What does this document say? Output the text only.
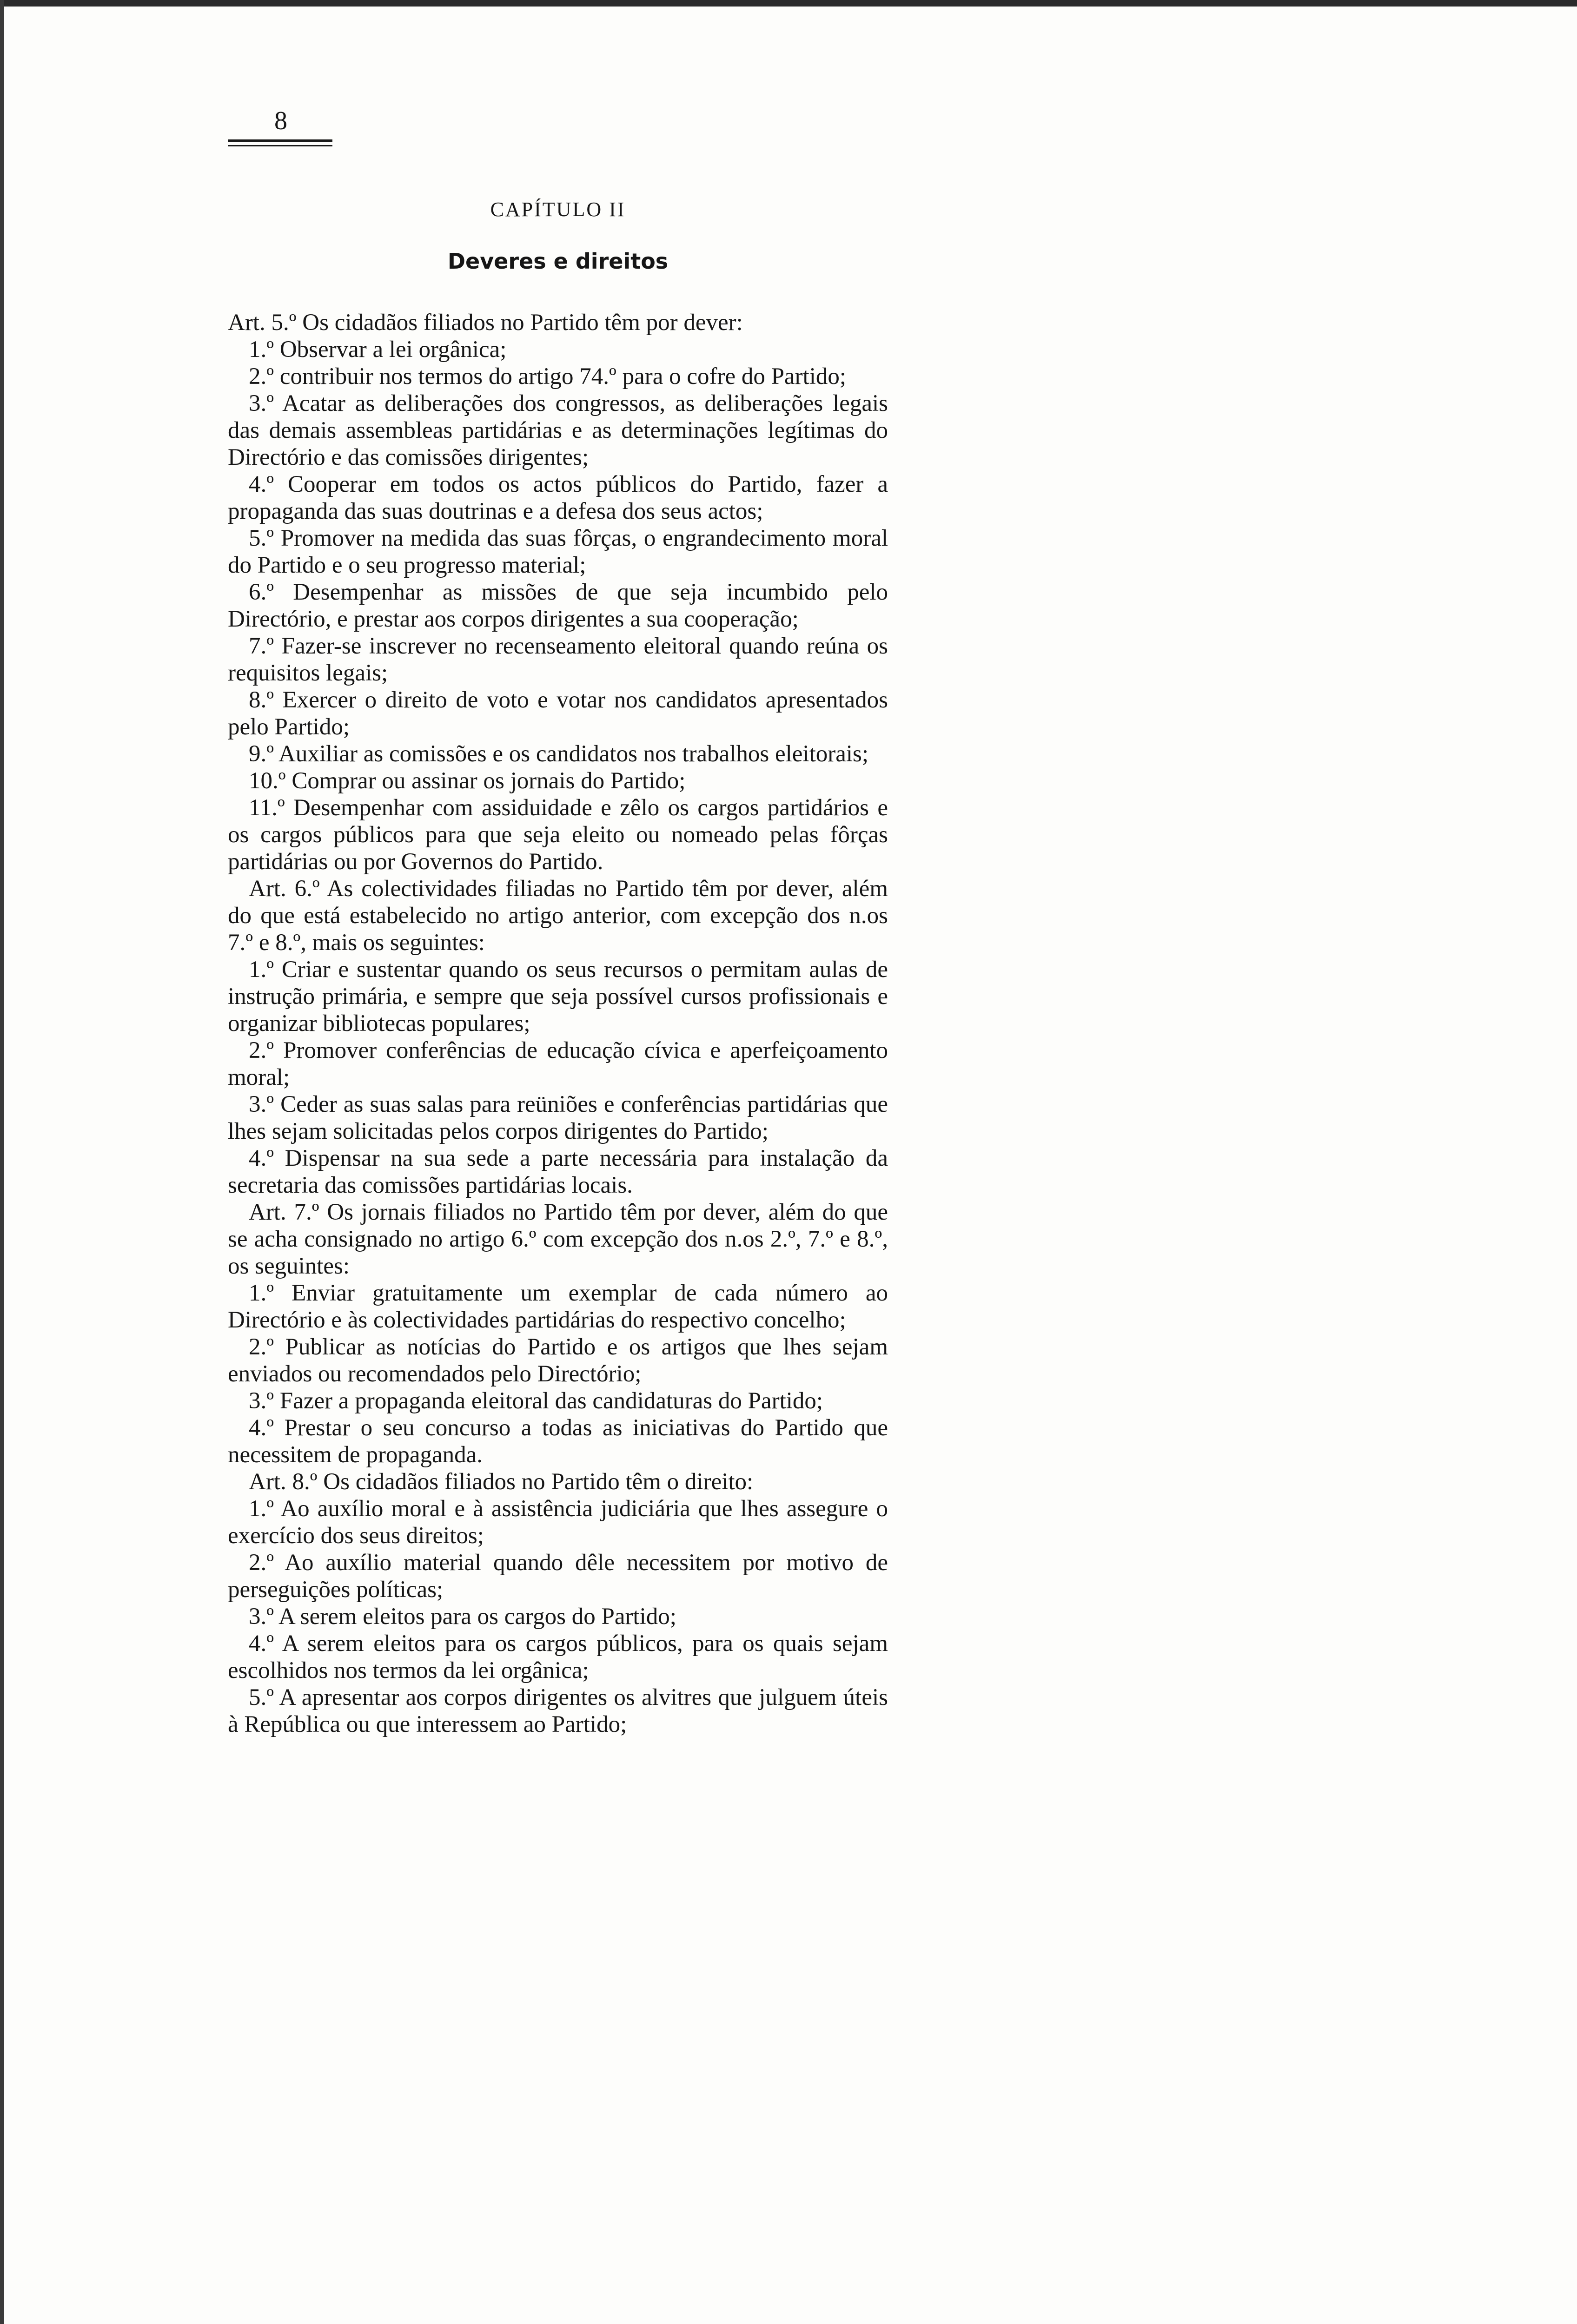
8
CAPÍTULO II
Deveres e direitos

Art. 5.º Os cidadãos filiados no Partido têm por dever:

1.º Observar a lei orgânica;

2.º contribuir nos termos do artigo 74.º para o cofre do Partido;

3.º Acatar as deliberações dos congressos, as deliberações legais das demais assembleas partidárias e as determinações legítimas do Directório e das comissões dirigentes;

4.º Cooperar em todos os actos públicos do Partido, fazer a propaganda das suas doutrinas e a defesa dos seus actos;

5.º Promover na medida das suas fôrças, o engrandecimento moral do Partido e o seu progresso material;

6.º Desempenhar as missões de que seja incumbido pelo Directório, e prestar aos corpos dirigentes a sua cooperação;

7.º Fazer-se inscrever no recenseamento eleitoral quando reúna os requisitos legais;

8.º Exercer o direito de voto e votar nos candidatos apresentados pelo Partido;

9.º Auxiliar as comissões e os candidatos nos trabalhos eleitorais;

10.º Comprar ou assinar os jornais do Partido;

11.º Desempenhar com assiduidade e zêlo os cargos partidários e os cargos públicos para que seja eleito ou nomeado pelas fôrças partidárias ou por Governos do Partido.

Art. 6.º As colectividades filiadas no Partido têm por dever, além do que está estabelecido no artigo anterior, com excepção dos n.os 7.º e 8.º, mais os seguintes:

1.º Criar e sustentar quando os seus recursos o permitam aulas de instrução primária, e sempre que seja possível cursos profissionais e organizar bibliotecas populares;

2.º Promover conferências de educação cívica e aperfeiçoamento moral;

3.º Ceder as suas salas para reüniões e conferências partidárias que lhes sejam solicitadas pelos corpos dirigentes do Partido;

4.º Dispensar na sua sede a parte necessária para instalação da secretaria das comissões partidárias locais.

Art. 7.º Os jornais filiados no Partido têm por dever, além do que se acha consignado no artigo 6.º com excepção dos n.os 2.º, 7.º e 8.º, os seguintes:

1.º Enviar gratuitamente um exemplar de cada número ao Directório e às colectividades partidárias do respectivo concelho;

2.º Publicar as notícias do Partido e os artigos que lhes sejam enviados ou recomendados pelo Directório;

3.º Fazer a propaganda eleitoral das candidaturas do Partido;

4.º Prestar o seu concurso a todas as iniciativas do Partido que necessitem de propaganda.

Art. 8.º Os cidadãos filiados no Partido têm o direito:

1.º Ao auxílio moral e à assistência judiciária que lhes assegure o exercício dos seus direitos;

2.º Ao auxílio material quando dêle necessitem por motivo de perseguições políticas;

3.º A serem eleitos para os cargos do Partido;

4.º A serem eleitos para os cargos públicos, para os quais sejam escolhidos nos termos da lei orgânica;

5.º A apresentar aos corpos dirigentes os alvitres que julguem úteis à República ou que interessem ao Partido;
